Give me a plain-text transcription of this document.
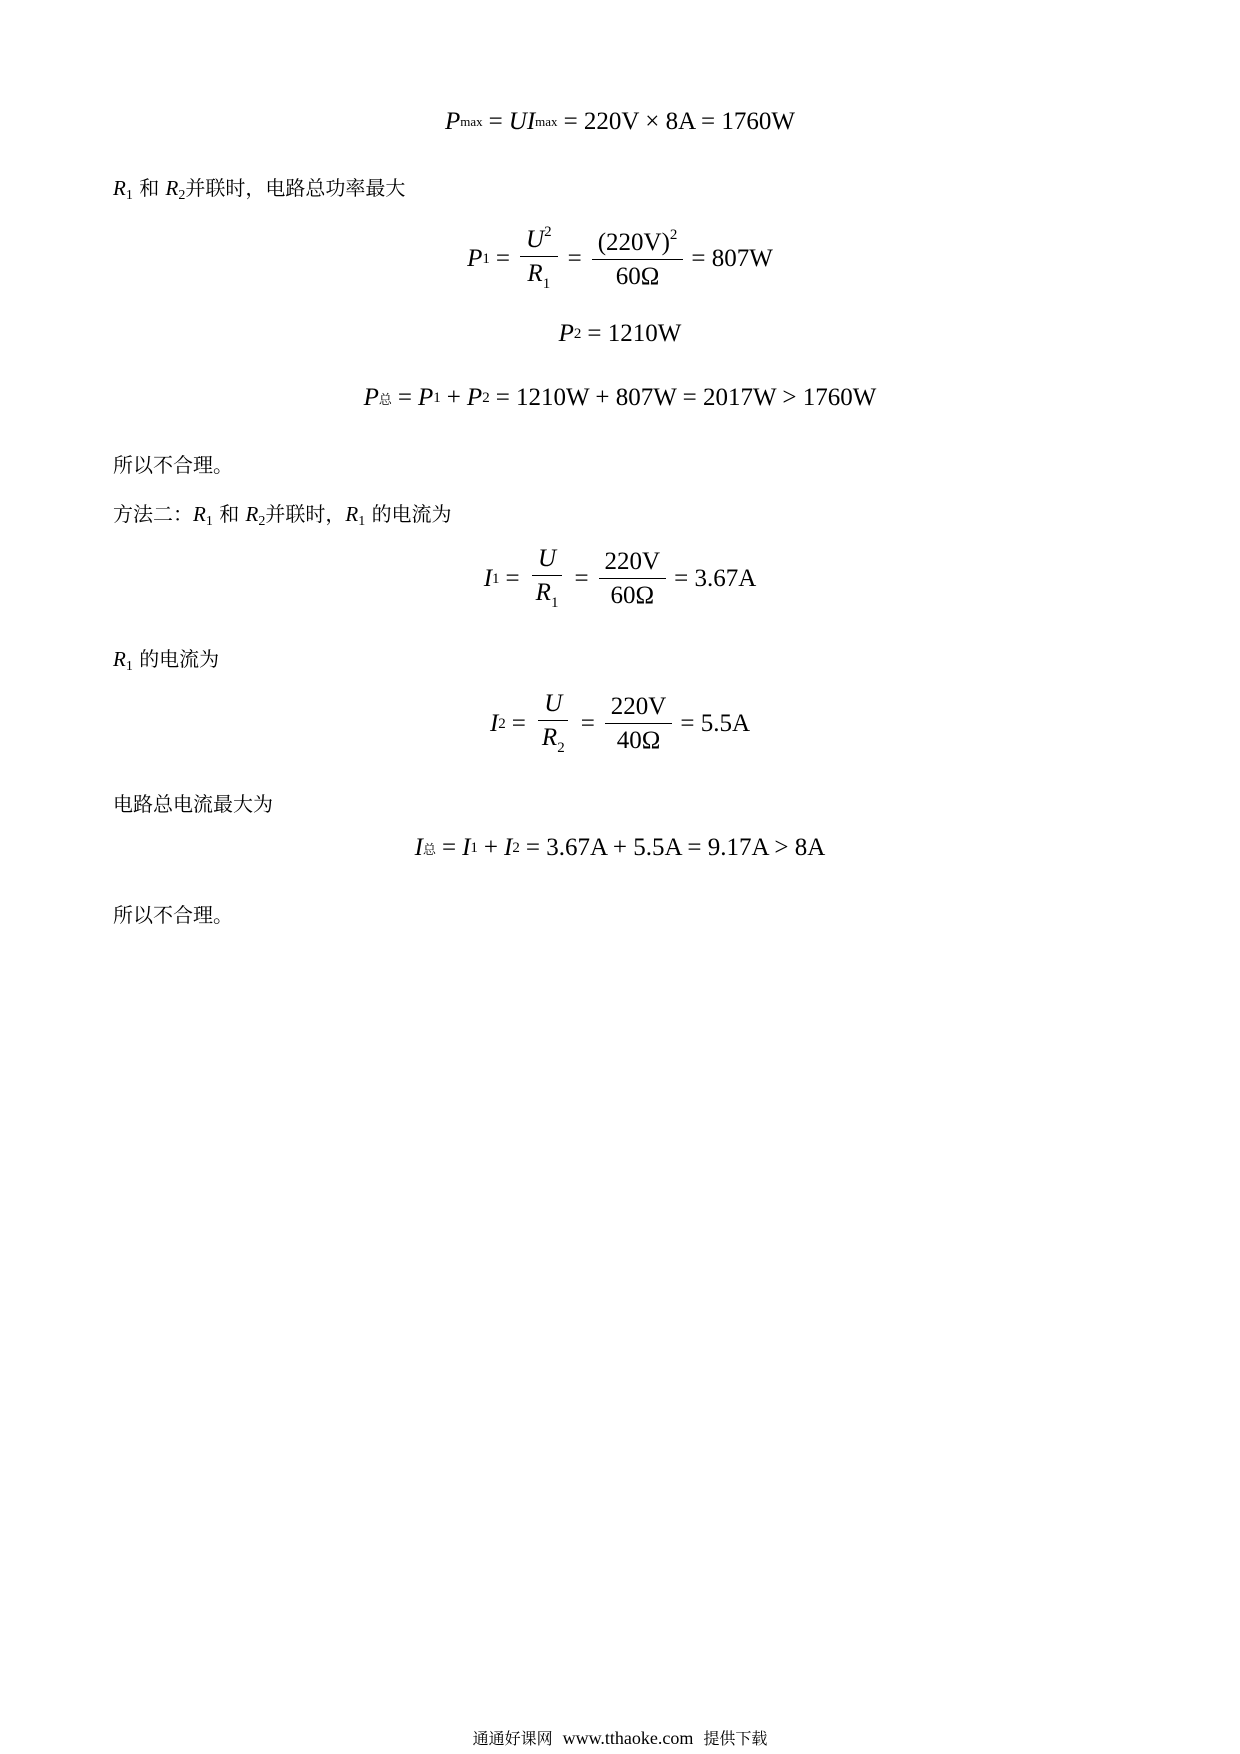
P max = UI max = 220V × 8A = 1760W
$R_1$ 和 $R_2$并联时，电路总功率最大
P $1 = \frac{U^2}{R_1} = \frac{(220V)^2}{60\Omega} = 807W$
P 2 = 1210W
P 总 = P 1 + P 2 = 1210W + 807W = 2017W > 1760W
所以不合理。
方法二：$R_1$ 和 $R_2$并联时，$R_1$ 的电流为
I $1 = \frac{U}{R_1} = \frac{220V}{60\Omega} = 3.67A$
$R_1$ 的电流为
I $2 = \frac{U}{R_2} = \frac{220V}{40\Omega} = 5.5A$
电路总电流最大为
I 总 = I 1 + I 2 = 3.67A + 5.5A = 9.17A > 8A
所以不合理。
通通好课网 www.tthaoke.com 提供下载
